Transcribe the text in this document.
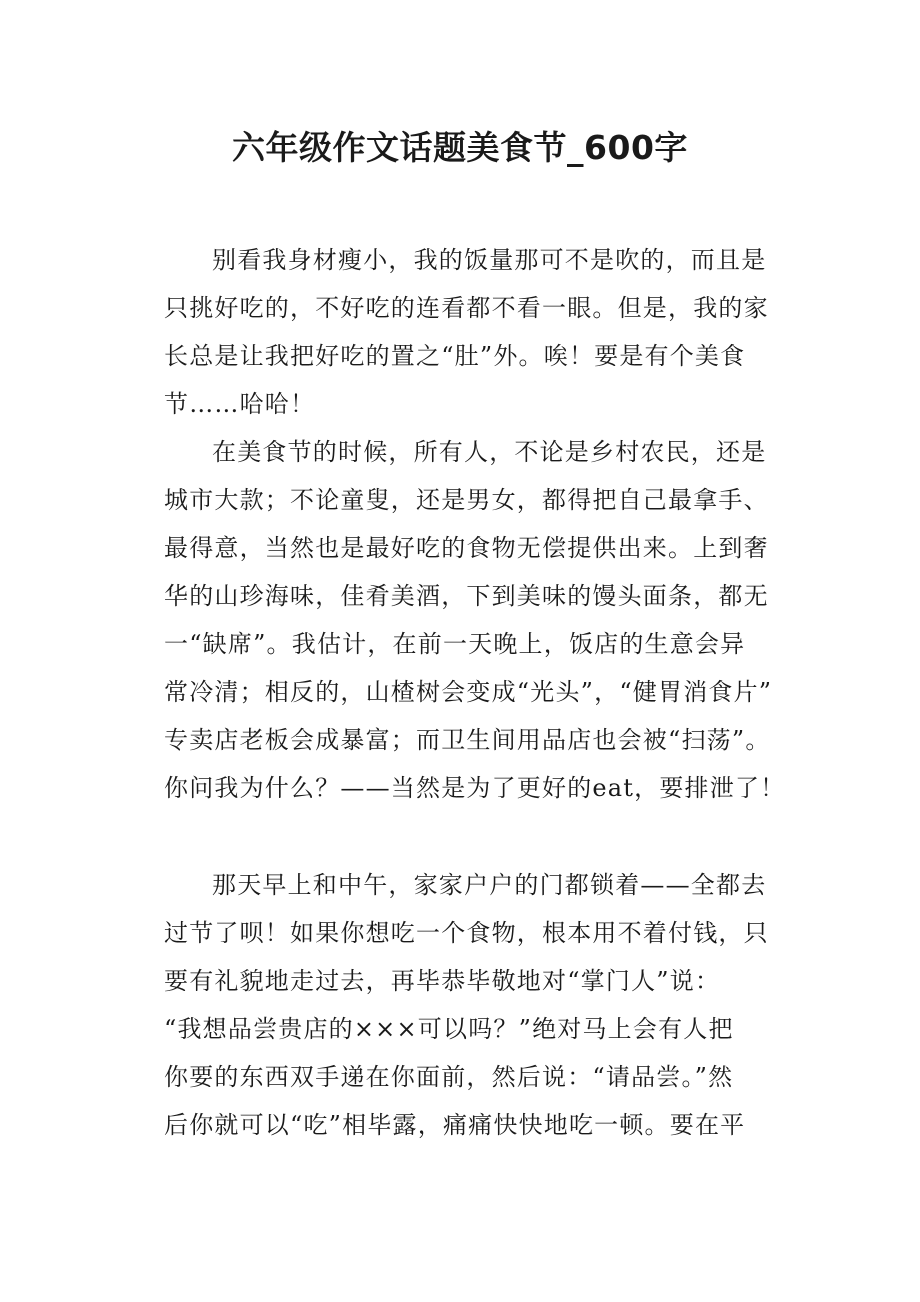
六年级作文话题美食节_600字
别看我身材瘦小，我的饭量那可不是吹的，而且是
只挑好吃的，不好吃的连看都不看一眼。但是，我的家
长总是让我把好吃的置之“肚”外。唉！要是有个美食
节……哈哈！
在美食节的时候，所有人，不论是乡村农民，还是
城市大款；不论童叟，还是男女，都得把自己最拿手、
最得意，当然也是最好吃的食物无偿提供出来。上到奢
华的山珍海味，佳肴美酒，下到美味的馒头面条，都无
一“缺席”。我估计，在前一天晚上，饭店的生意会异
常冷清；相反的，山楂树会变成“光头”，“健胃消食片”
专卖店老板会成暴富；而卫生间用品店也会被“扫荡”。
你问我为什么？——当然是为了更好的eat，要排泄了！
那天早上和中午，家家户户的门都锁着——全都去
过节了呗！如果你想吃一个食物，根本用不着付钱，只
要有礼貌地走过去，再毕恭毕敬地对“掌门人”说：
“我想品尝贵店的×××可以吗？”绝对马上会有人把
你要的东西双手递在你面前，然后说：“请品尝。”然
后你就可以“吃”相毕露，痛痛快快地吃一顿。要在平
